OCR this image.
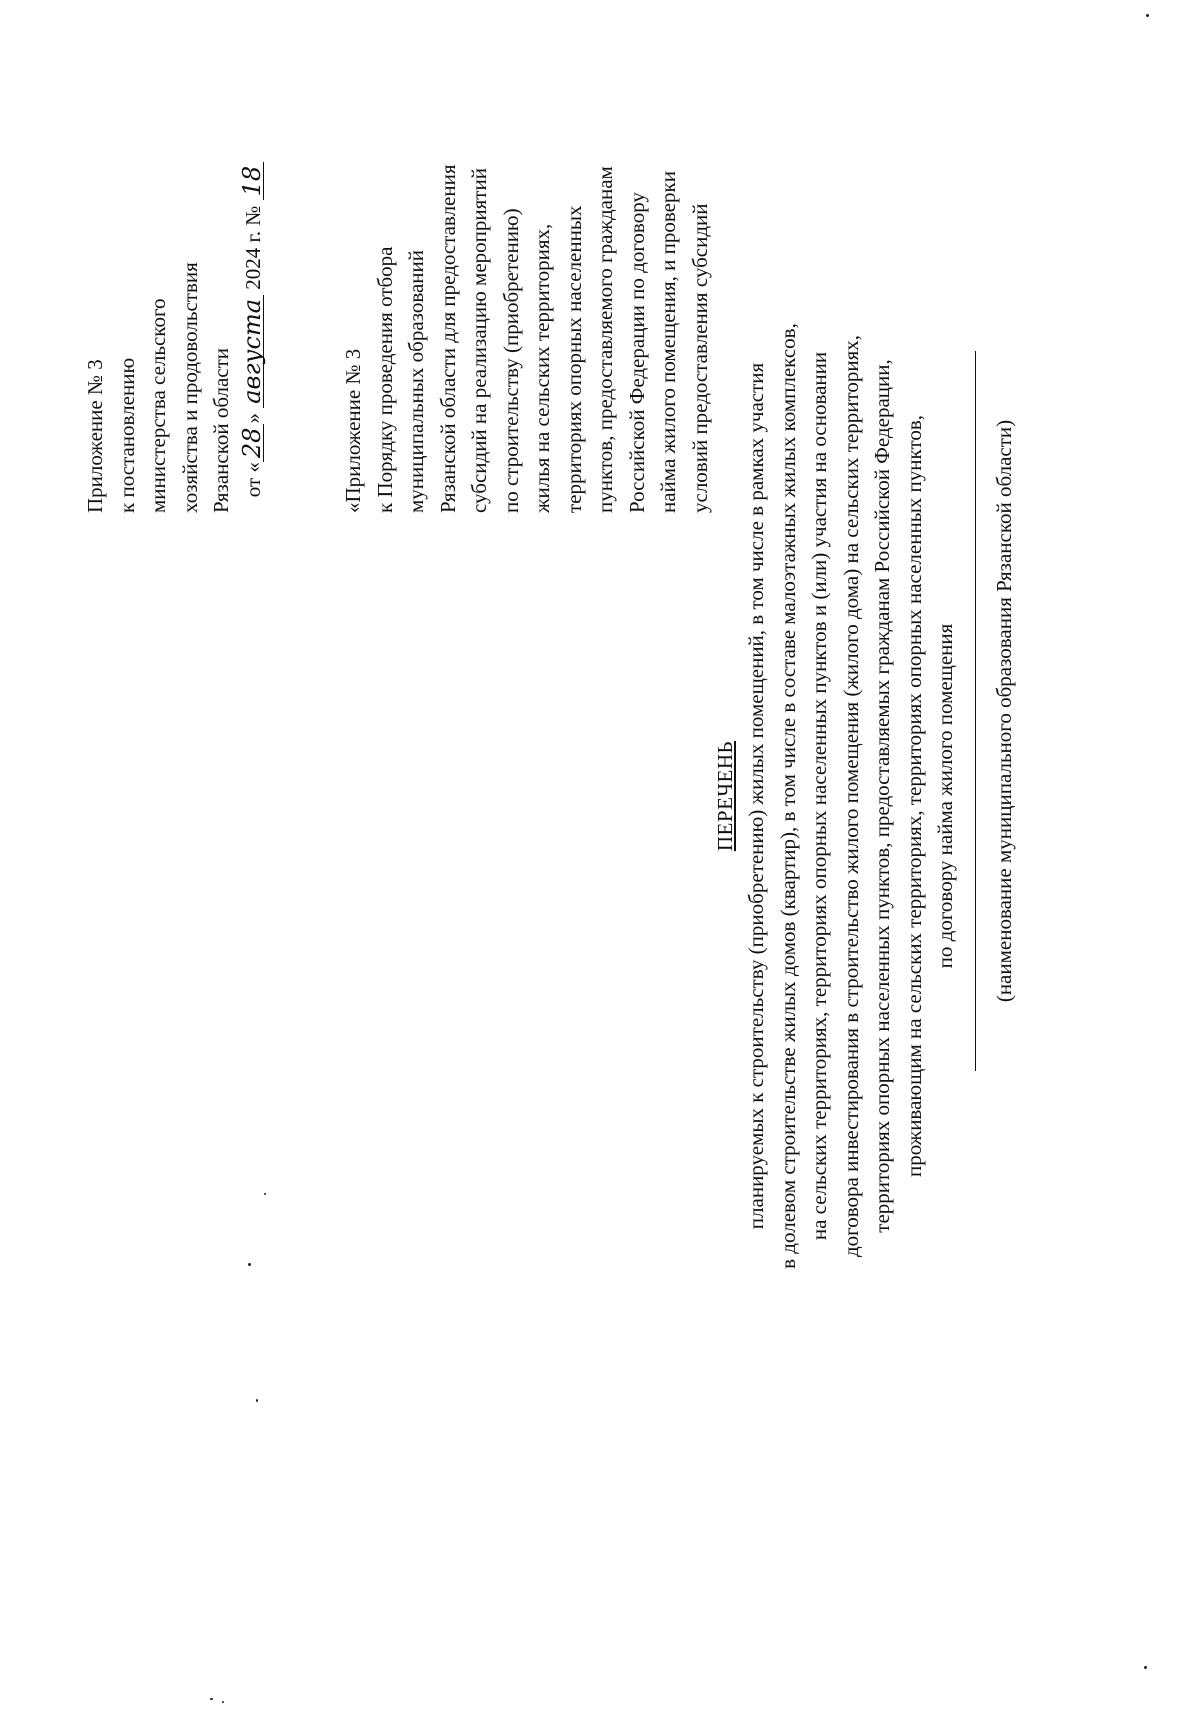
Приложение № 3 к постановлению министерства сельского хозяйства и продовольствия Рязанской области от «28» августа 2024 г. № 18
«Приложение № 3 к Порядку проведения отбора муниципальных образований Рязанской области для предоставления субсидий на реализацию мероприятий по строительству (приобретению) жилья на сельских территориях, территориях опорных населенных пунктов, предоставляемого гражданам Российской Федерации по договору найма жилого помещения, и проверки условий предоставления субсидий
ПЕРЕЧЕНЬ планируемых к строительству (приобретению) жилых помещений, в том числе в рамках участия в долевом строительстве жилых домов (квартир), в том числе в составе малоэтажных жилых комплексов, на сельских территориях, территориях опорных населенных пунктов и (или) участия на основании договора инвестирования в строительство жилого помещения (жилого дома) на сельских территориях, территориях опорных населенных пунктов, предоставляемых гражданам Российской Федерации, проживающим на сельских территориях, территориях опорных населенных пунктов, по договору найма жилого помещения (наименование муниципального образования Рязанской области)
